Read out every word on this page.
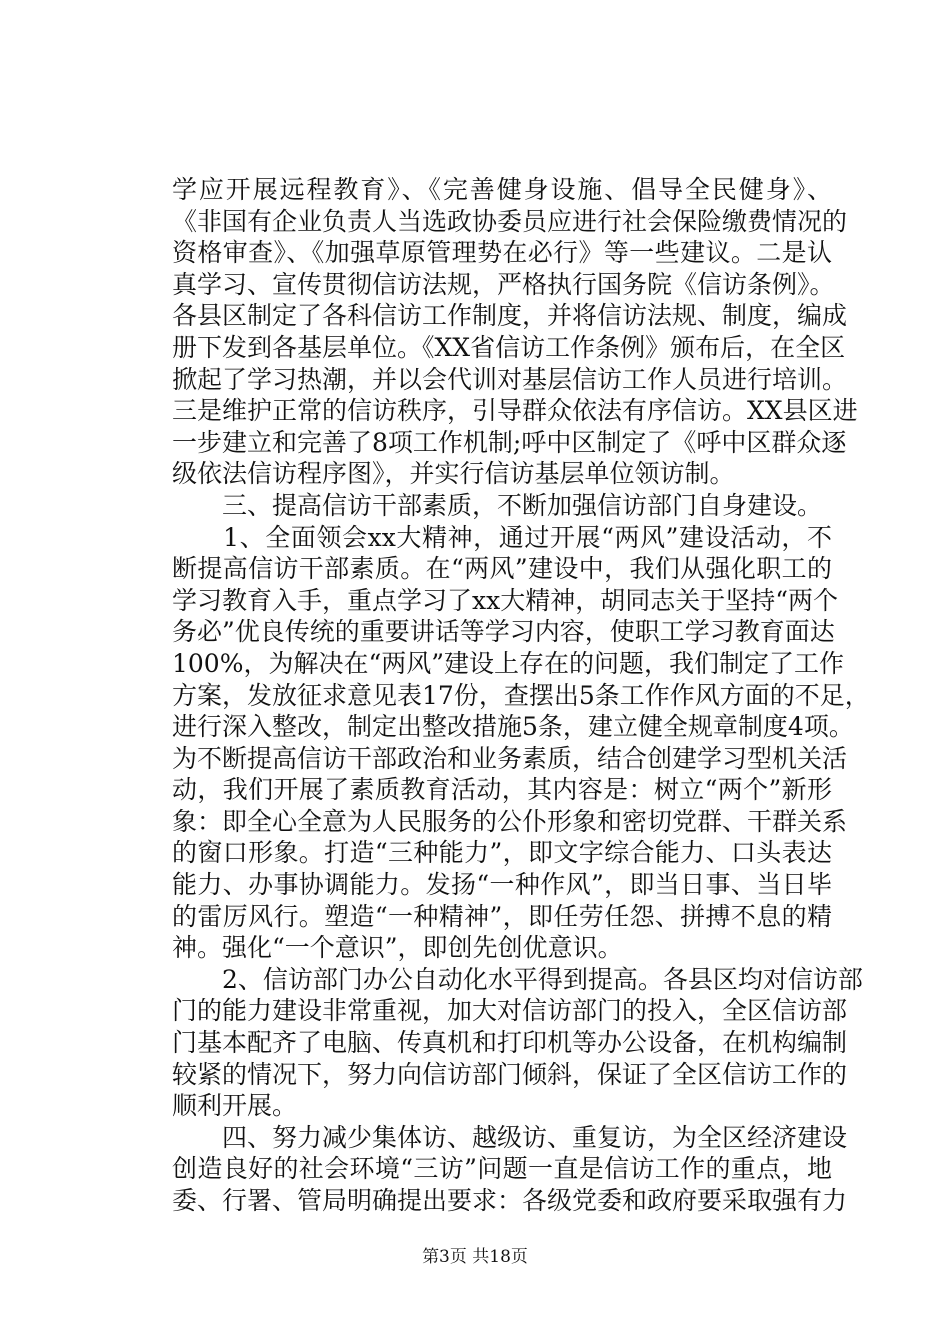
学应开展远程教育》、《完善健身设施、倡导全民健身》、
《非国有企业负责人当选政协委员应进行社会保险缴费情况的
资格审查》、《加强草原管理势在必行》等一些建议。二是认
真学习、宣传贯彻信访法规，严格执行国务院《信访条例》。
各县区制定了各科信访工作制度，并将信访法规、制度，编成
册下发到各基层单位。《XX省信访工作条例》颁布后，在全区
掀起了学习热潮，并以会代训对基层信访工作人员进行培训。
三是维护正常的信访秩序，引导群众依法有序信访。XX县区进
一步建立和完善了8项工作机制;呼中区制定了《呼中区群众逐
级依法信访程序图》，并实行信访基层单位领访制。
　　三、提高信访干部素质，不断加强信访部门自身建设。
　　1、全面领会xx大精神，通过开展“两风”建设活动，不
断提高信访干部素质。在“两风”建设中，我们从强化职工的
学习教育入手，重点学习了xx大精神，胡同志关于坚持“两个
务必”优良传统的重要讲话等学习内容，使职工学习教育面达
100%，为解决在“两风”建设上存在的问题，我们制定了工作
方案，发放征求意见表17份，查摆出5条工作作风方面的不足，
进行深入整改，制定出整改措施5条，建立健全规章制度4项。
为不断提高信访干部政治和业务素质，结合创建学习型机关活
动，我们开展了素质教育活动，其内容是：树立“两个”新形
象：即全心全意为人民服务的公仆形象和密切党群、干群关系
的窗口形象。打造“三种能力”，即文字综合能力、口头表达
能力、办事协调能力。发扬“一种作风”，即当日事、当日毕
的雷厉风行。塑造“一种精神”，即任劳任怨、拼搏不息的精
神。强化“一个意识”，即创先创优意识。
　　2、信访部门办公自动化水平得到提高。各县区均对信访部
门的能力建设非常重视，加大对信访部门的投入，全区信访部
门基本配齐了电脑、传真机和打印机等办公设备，在机构编制
较紧的情况下，努力向信访部门倾斜，保证了全区信访工作的
顺利开展。
　　四、努力减少集体访、越级访、重复访，为全区经济建设
创造良好的社会环境“三访”问题一直是信访工作的重点，地
委、行署、管局明确提出要求：各级党委和政府要采取强有力
第3页 共18页
